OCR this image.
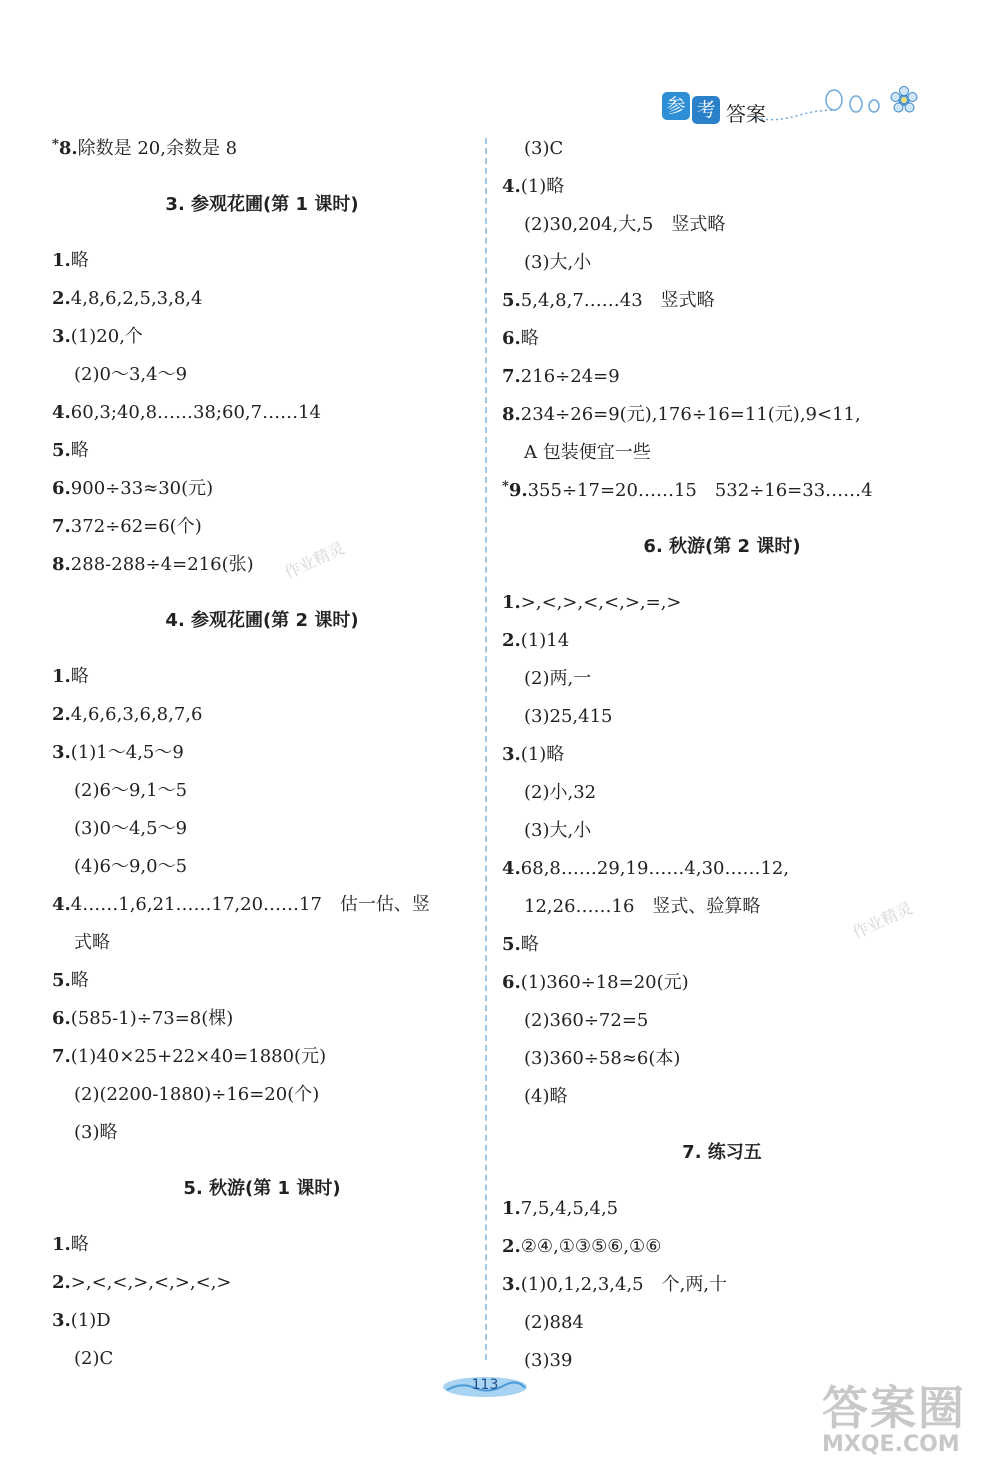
参 考 答案
* 8.除数是 20,余数是 8
3. 参观花圃(第 1 课时)
1.略
2.4,8,6,2,5,3,8,4
3.(1)20,个
(2)0～3,4～9
4.60,3;40,8……38;60,7……14
5.略
6.900÷33≈30(元)
7.372÷62=6(个)
8.288-288÷4=216(张)
4. 参观花圃(第 2 课时)
1.略
2.4,6,6,3,6,8,7,6
3.(1)1～4,5～9
(2)6～9,1～5
(3)0～4,5～9
(4)6～9,0～5
4.4……1,6,21……17,20……17　估一估、竖
式略
5.略
6.(585-1)÷73=8(棵)
7.(1)40×25+22×40=1880(元)
(2)(2200-1880)÷16=20(个)
(3)略
5. 秋游(第 1 课时)
1.略
2.>,<,<,>,<,>,<,>
3.(1)D
(2)C
(3)C
4.(1)略
(2)30,204,大,5　竖式略
(3)大,小
5.5,4,8,7……43　竖式略
6.略
7.216÷24=9
8.234÷26=9(元),176÷16=11(元),9<11,
A 包装便宜一些
* 9.355÷17=20……15　532÷16=33……4
6. 秋游(第 2 课时)
1.>,<,>,<,<,>,=,>
2.(1)14
(2)两,一
(3)25,415
3.(1)略
(2)小,32
(3)大,小
4.68,8……29,19……4,30……12,
12,26……16　竖式、验算略
5.略
6.(1)360÷18=20(元)
(2)360÷72=5
(3)360÷58≈6(本)
(4)略
7. 练习五
1.7,5,4,5,4,5
2.②④,①③⑤⑥,①⑥
3.(1)0,1,2,3,4,5　个,两,十
(2)884
(3)39
作业精灵
作业精灵
113	答案圈
MXQE.COM
